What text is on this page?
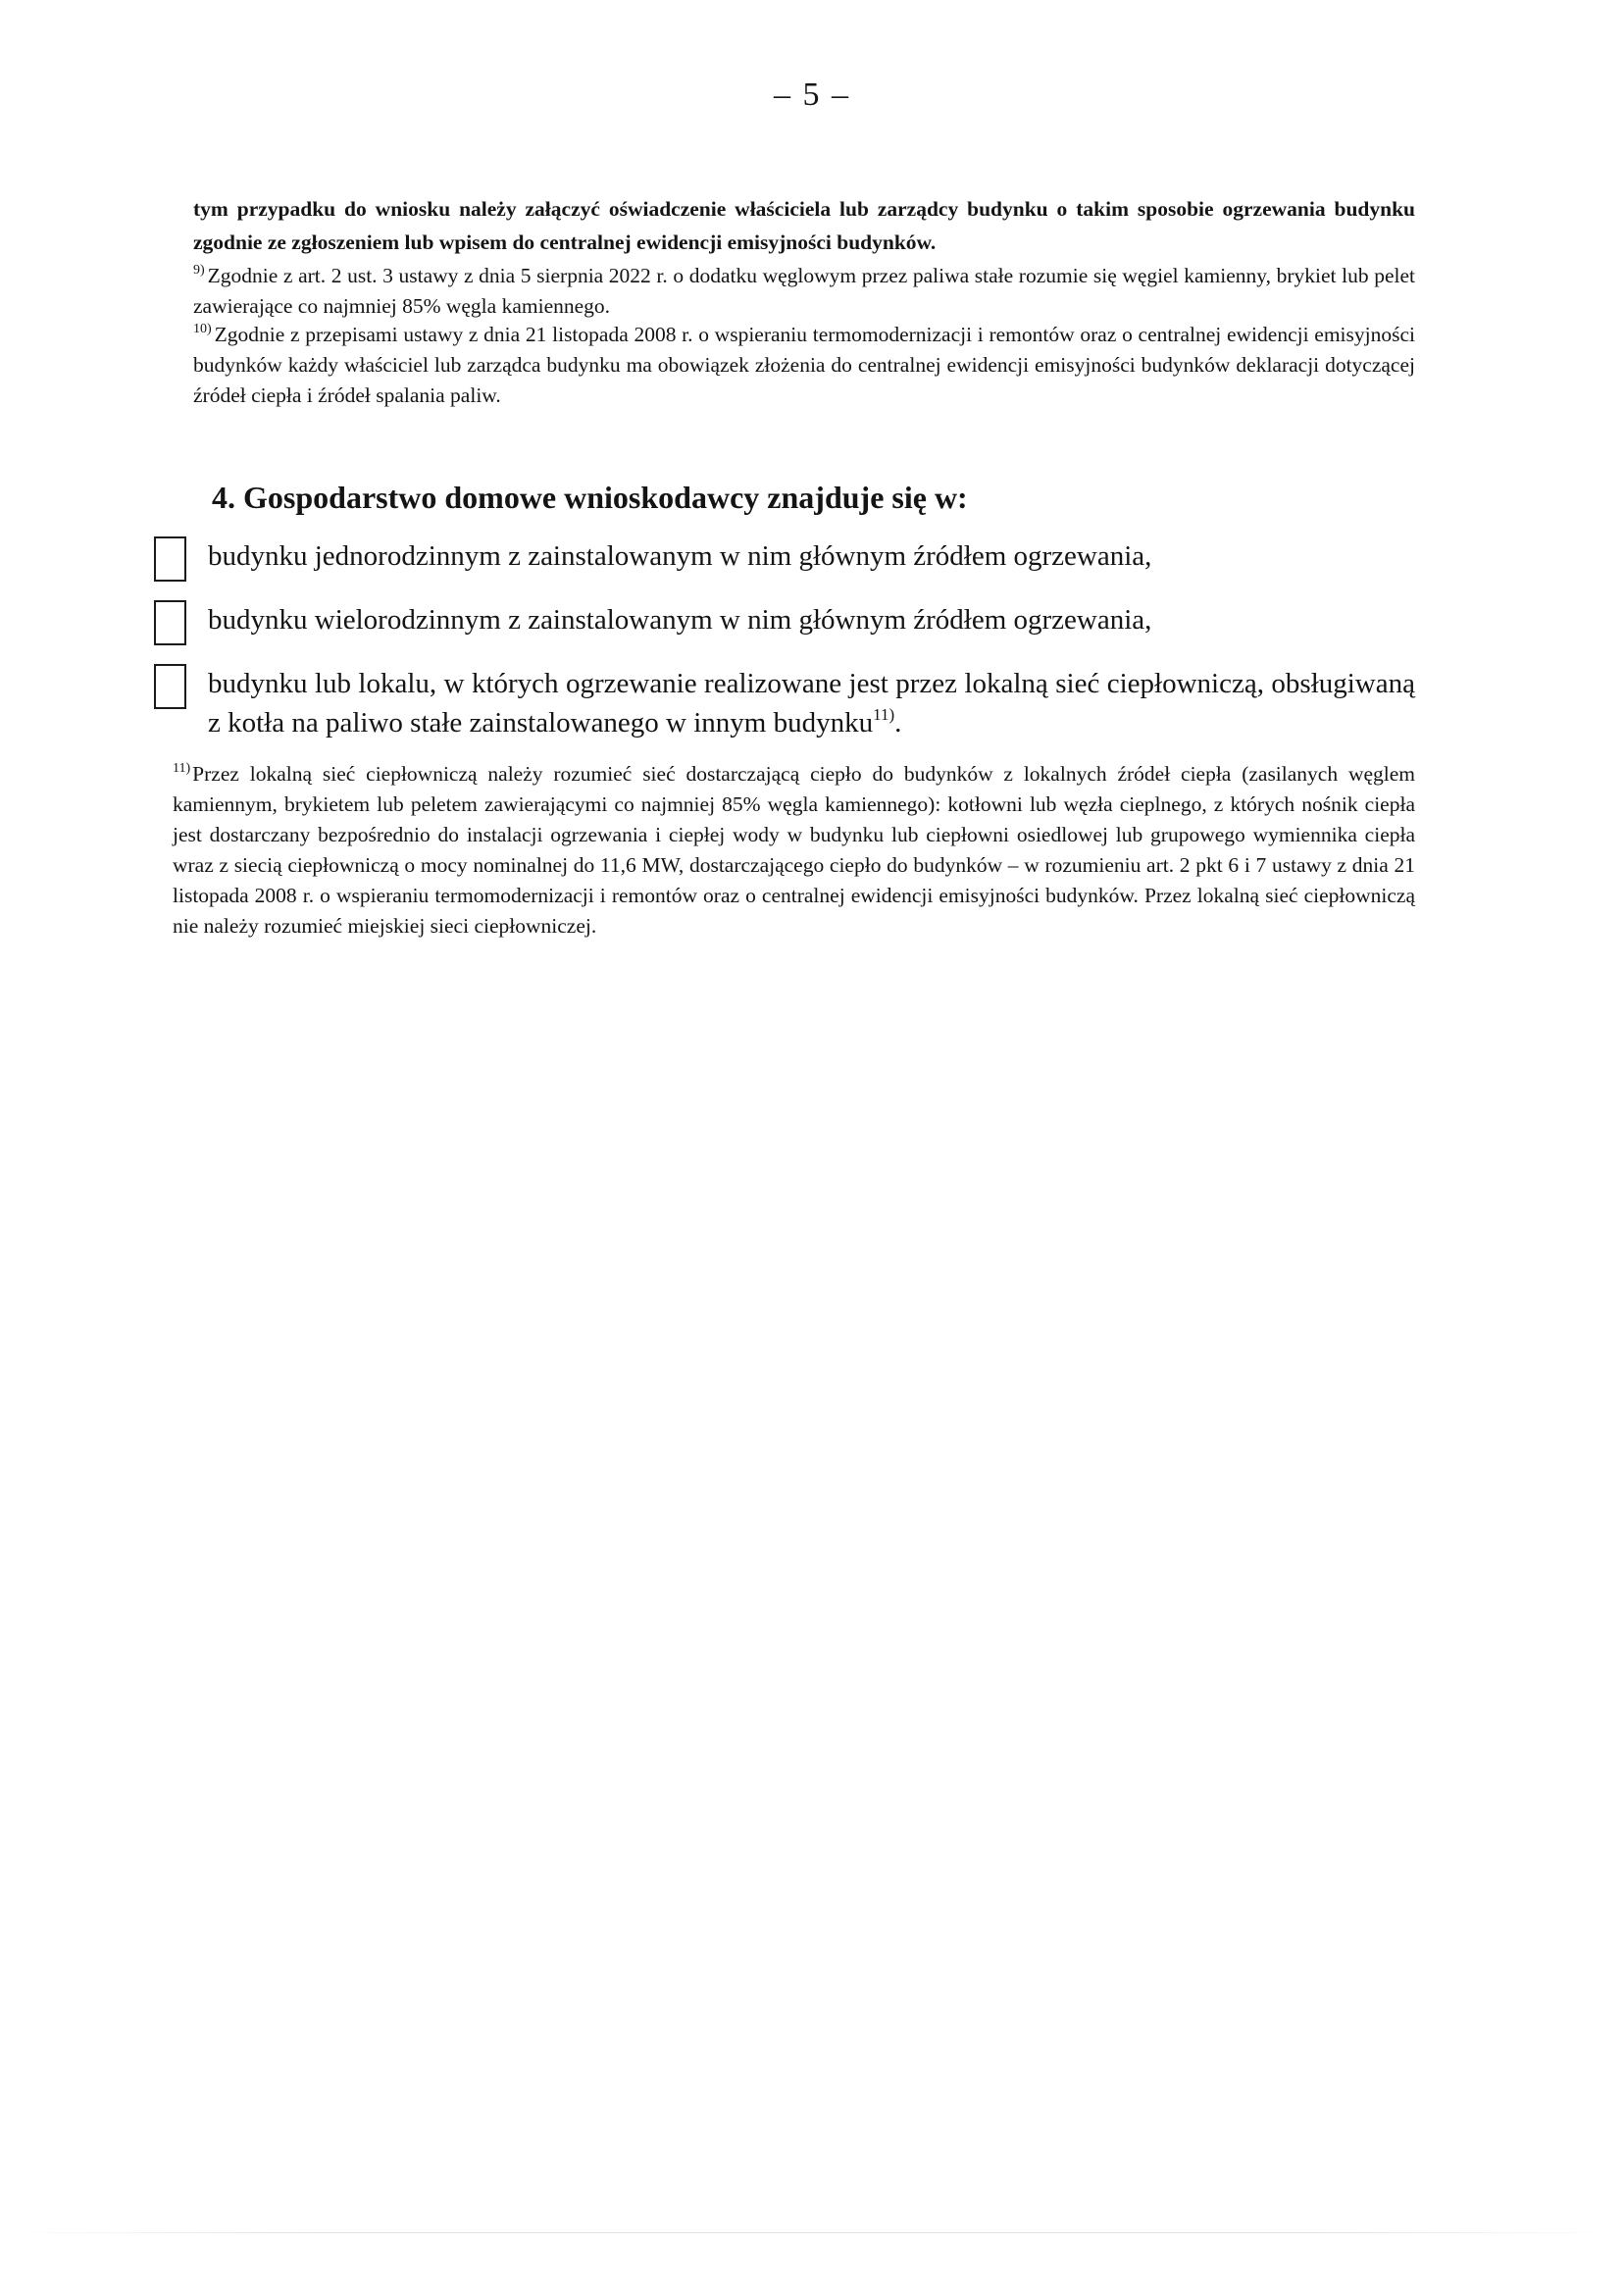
– 5 –
tym przypadku do wniosku należy załączyć oświadczenie właściciela lub zarządcy budynku o takim sposobie ogrzewania budynku zgodnie ze zgłoszeniem lub wpisem do centralnej ewidencji emisyjności budynków.
$^{9)}$ Zgodnie z art. 2 ust. 3 ustawy z dnia 5 sierpnia 2022 r. o dodatku węglowym przez paliwa stałe rozumie się węgiel kamienny, brykiet lub pelet zawierające co najmniej 85% węgla kamiennego.
$^{10)}$ Zgodnie z przepisami ustawy z dnia 21 listopada 2008 r. o wspieraniu termomodernizacji i remontów oraz o centralnej ewidencji emisyjności budynków każdy właściciel lub zarządca budynku ma obowiązek złożenia do centralnej ewidencji emisyjności budynków deklaracji dotyczącej źródeł ciepła i źródeł spalania paliw.
4. Gospodarstwo domowe wnioskodawcy znajduje się w:
budynku jednorodzinnym z zainstalowanym w nim głównym źródłem ogrzewania,
budynku wielorodzinnym z zainstalowanym w nim głównym źródłem ogrzewania,
budynku lub lokalu, w których ogrzewanie realizowane jest przez lokalną sieć ciepłowniczą, obsługiwaną z kotła na paliwo stałe zainstalowanego w innym budynku$^{11)}$.
$^{11)}$Przez lokalną sieć ciepłowniczą należy rozumieć sieć dostarczającą ciepło do budynków z lokalnych źródeł ciepła (zasilanych węglem kamiennym, brykietem lub peletem zawierającymi co najmniej 85% węgla kamiennego): kotłowni lub węzła cieplnego, z których nośnik ciepła jest dostarczany bezpośrednio do instalacji ogrzewania i ciepłej wody w budynku lub ciepłowni osiedlowej lub grupowego wymiennika ciepła wraz z siecią ciepłowniczą o mocy nominalnej do 11,6 MW, dostarczającego ciepło do budynków – w rozumieniu art. 2 pkt 6 i 7 ustawy z dnia 21 listopada 2008 r. o wspieraniu termomodernizacji i remontów oraz o centralnej ewidencji emisyjności budynków. Przez lokalną sieć ciepłowniczą nie należy rozumieć miejskiej sieci ciepłowniczej.
